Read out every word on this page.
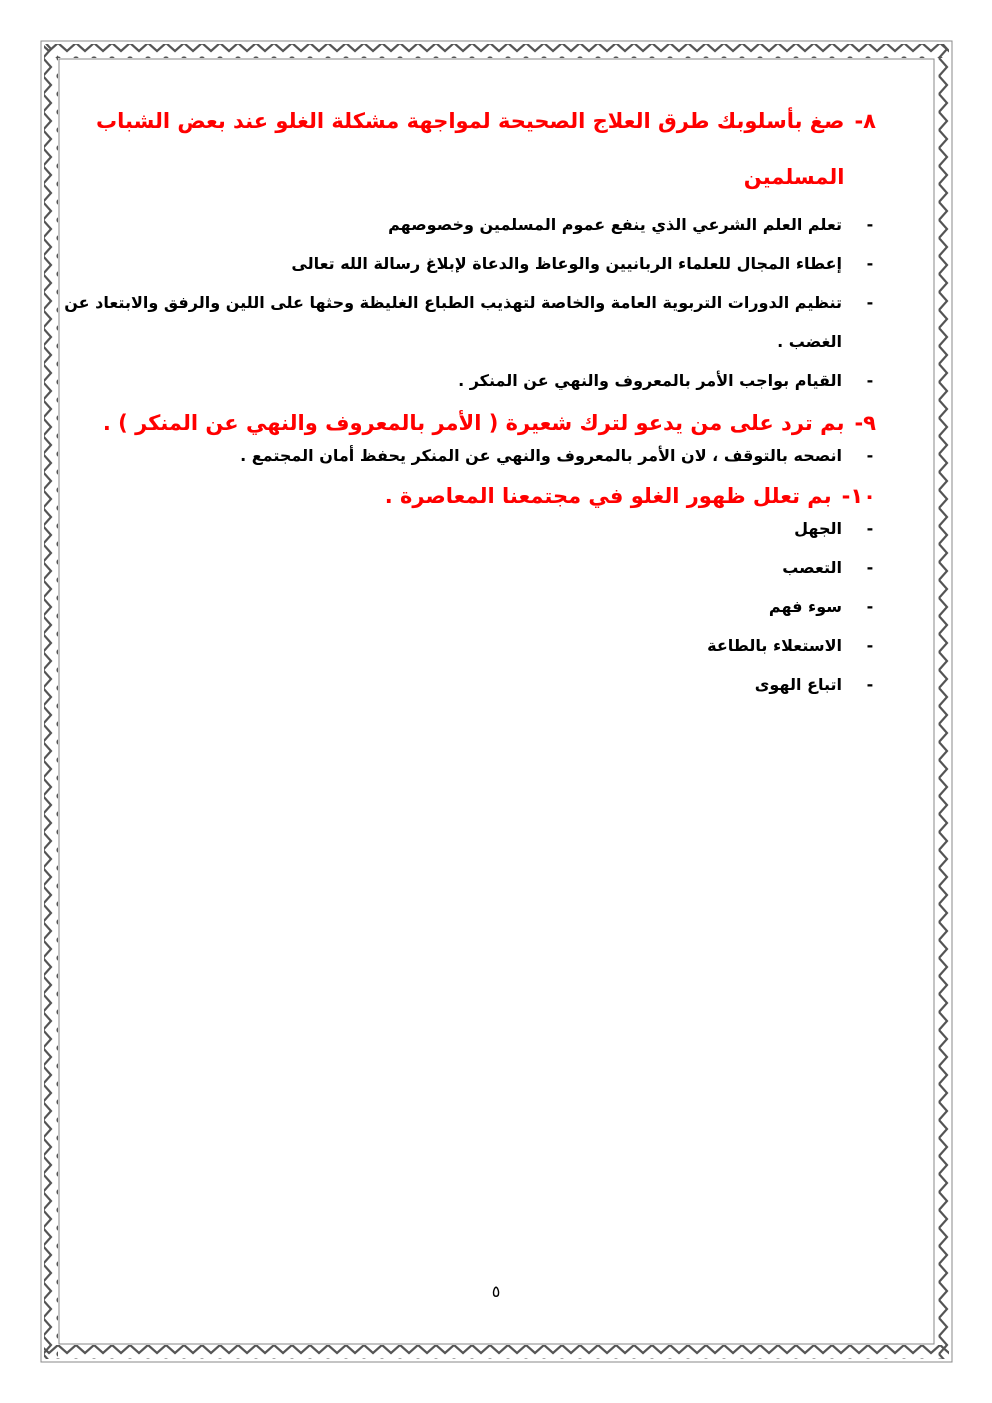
٨-
صغ بأسلوبك طرق العلاج الصحيحة لمواجهة مشكلة الغلو عند بعض الشباب المسلمين
-
تعلم العلم الشرعي الذي ينفع عموم المسلمين وخصوصهم
-
إعطاء المجال للعلماء الربانيين والوعاظ والدعاة لإبلاغ رسالة الله تعالى
-
تنظيم الدورات التربوية العامة والخاصة لتهذيب الطباع الغليظة وحثها على اللين والرفق والابتعاد عن الغضب .
-
القيام بواجب الأمر بالمعروف والنهي عن المنكر .
٩-
بم ترد على من يدعو لترك شعيرة ( الأمر بالمعروف والنهي عن المنكر ) .
-
انصحه بالتوقف ، لان الأمر بالمعروف والنهي عن المنكر يحفظ أمان المجتمع .
١٠-
بم تعلل ظهور الغلو في مجتمعنا المعاصرة .
-
الجهل
-
التعصب
-
سوء فهم
-
الاستعلاء بالطاعة
-
اتباع الهوى
٥
